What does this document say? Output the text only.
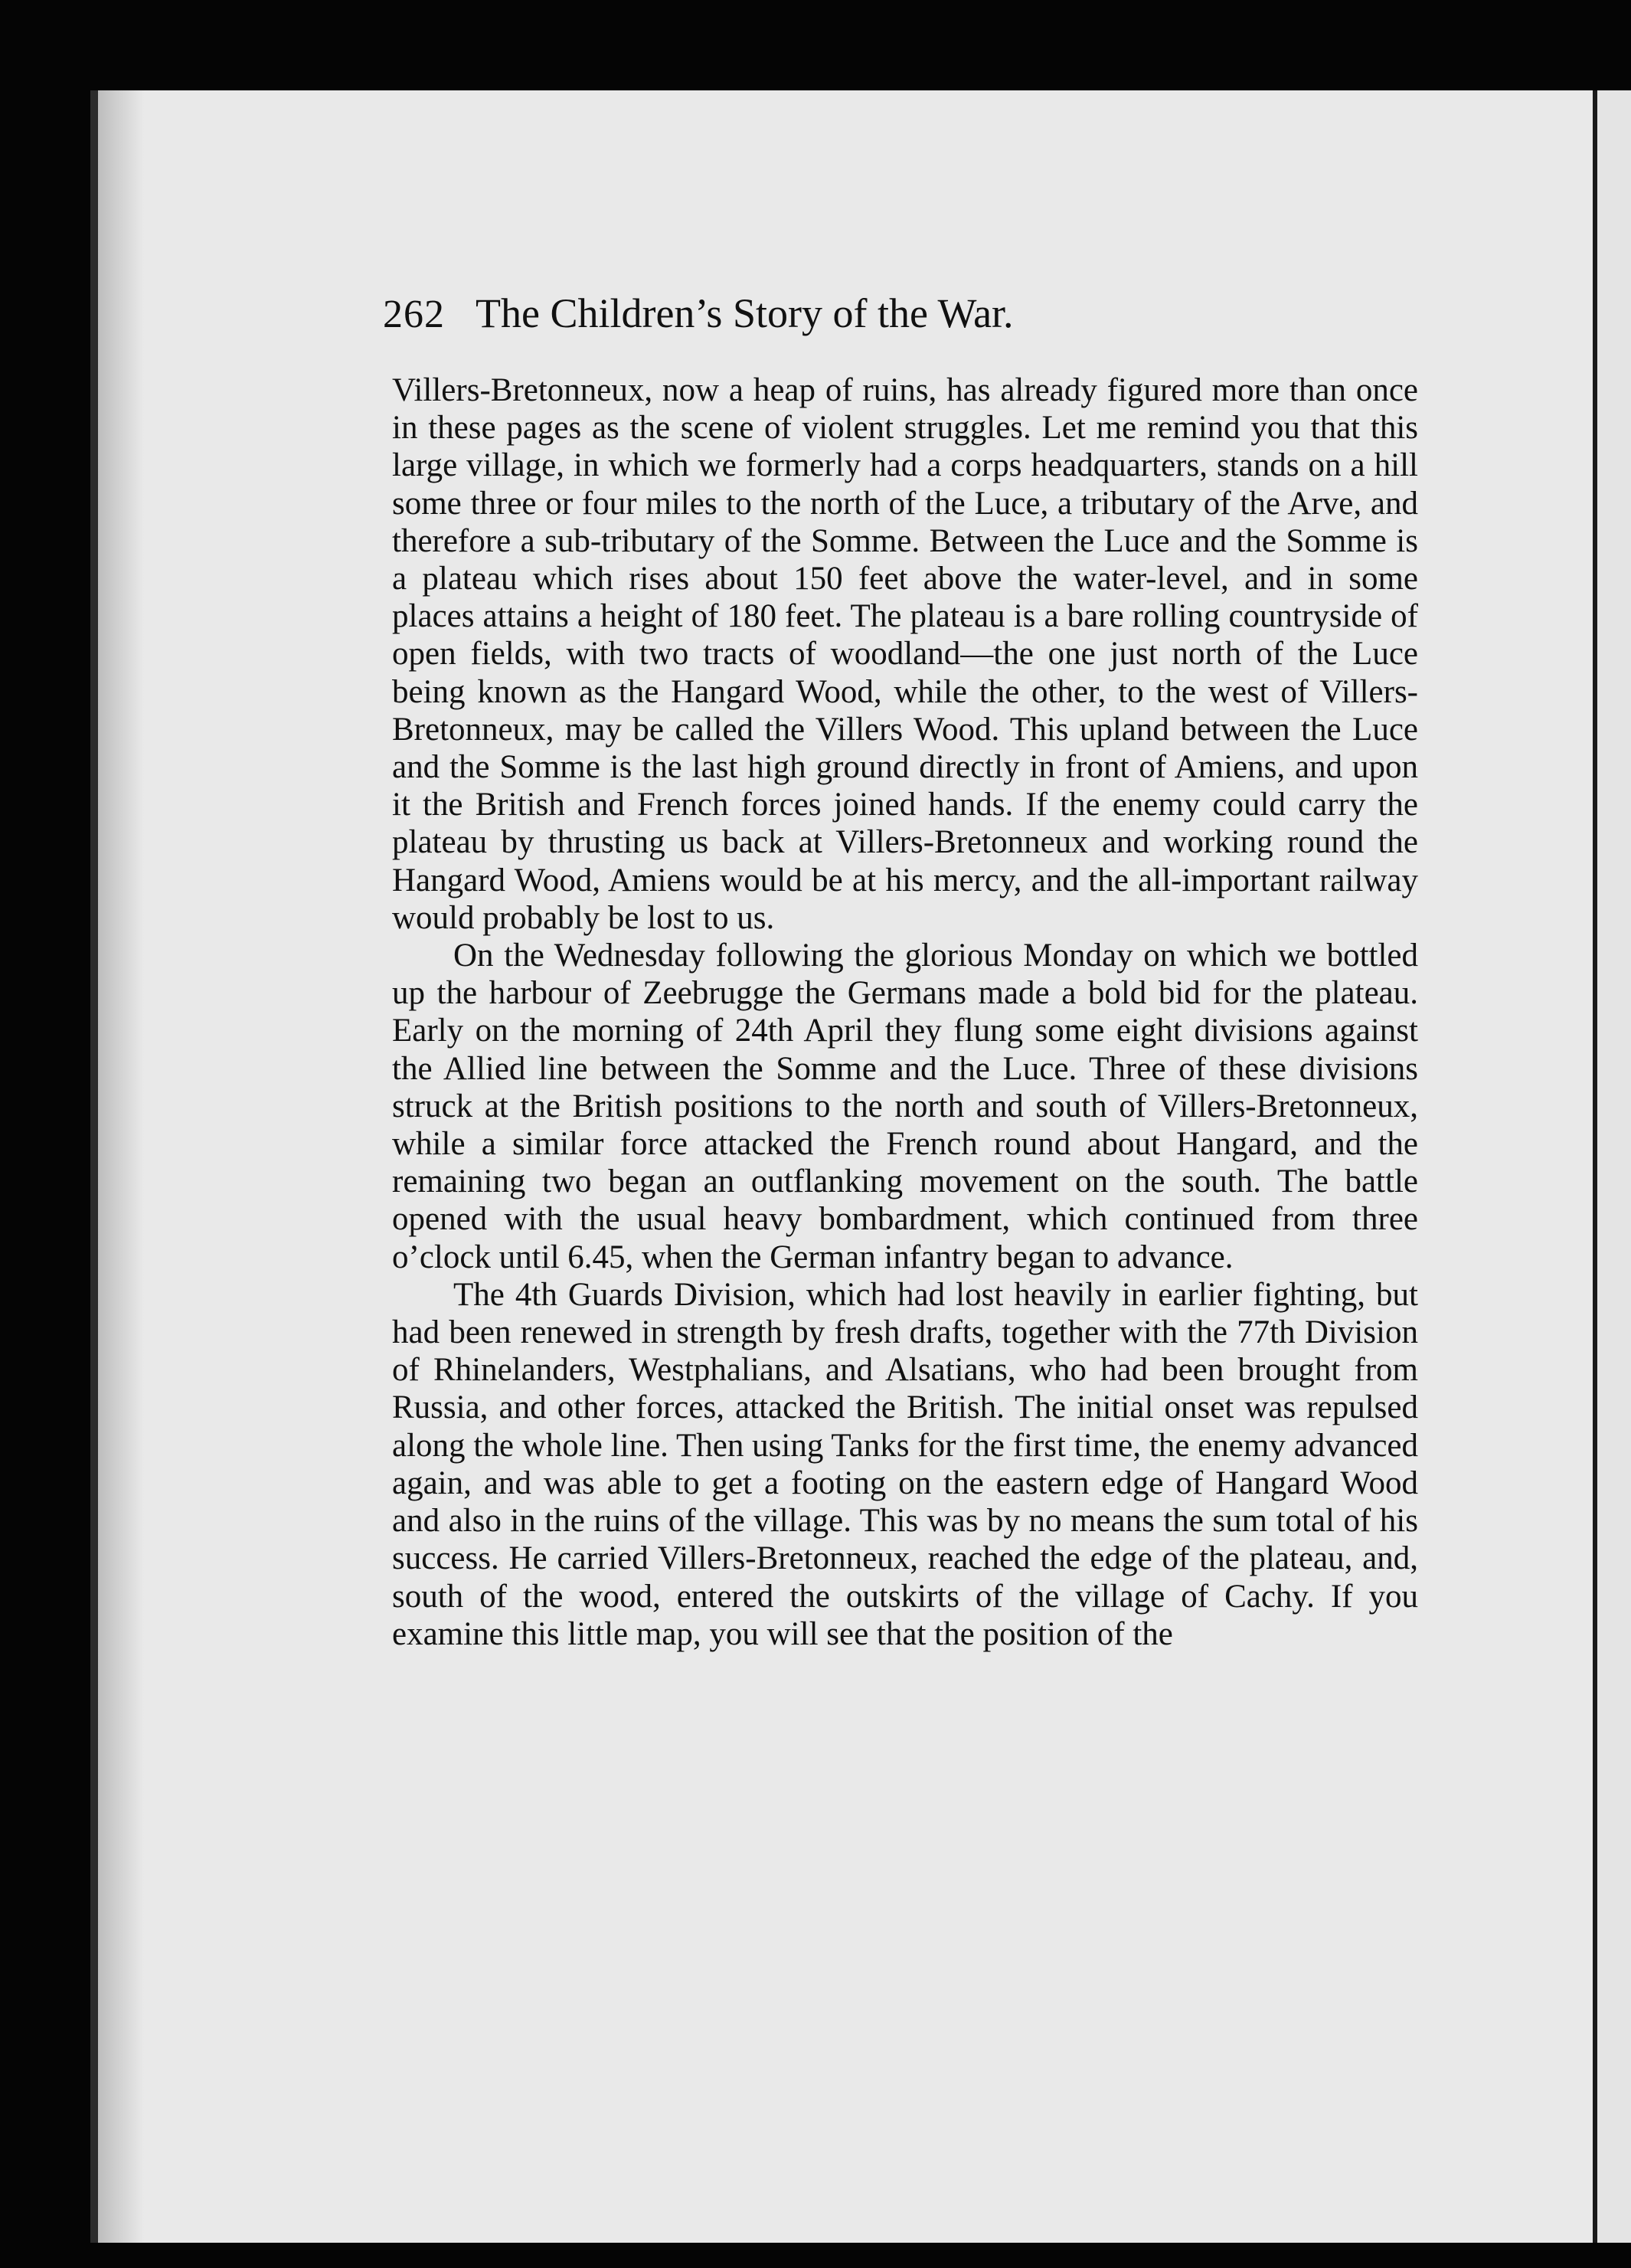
262 The Children’s Story of the War.

Villers-Bretonneux, now a heap of ruins, has already figured more than once in these pages as the scene of violent struggles. Let me remind you that this large village, in which we formerly had a corps headquarters, stands on a hill some three or four miles to the north of the Luce, a tributary of the Arve, and therefore a sub-tributary of the Somme. Between the Luce and the Somme is a plateau which rises about 150 feet above the water-level, and in some places attains a height of 180 feet. The plateau is a bare rolling countryside of open fields, with two tracts of woodland—the one just north of the Luce being known as the Hangard Wood, while the other, to the west of Villers-Bretonneux, may be called the Villers Wood. This upland between the Luce and the Somme is the last high ground directly in front of Amiens, and upon it the British and French forces joined hands. If the enemy could carry the plateau by thrusting us back at Villers-Bretonneux and working round the Hangard Wood, Amiens would be at his mercy, and the all-important railway would probably be lost to us.

On the Wednesday following the glorious Monday on which we bottled up the harbour of Zeebrugge the Germans made a bold bid for the plateau. Early on the morning of 24th April they flung some eight divisions against the Allied line between the Somme and the Luce. Three of these divisions struck at the British positions to the north and south of Villers-Bretonneux, while a similar force attacked the French round about Hangard, and the remaining two began an outflanking movement on the south. The battle opened with the usual heavy bombardment, which continued from three o’clock until 6.45, when the German infantry began to advance.

The 4th Guards Division, which had lost heavily in earlier fighting, but had been renewed in strength by fresh drafts, together with the 77th Division of Rhinelanders, Westphalians, and Alsatians, who had been brought from Russia, and other forces, attacked the British. The initial onset was repulsed along the whole line. Then using Tanks for the first time, the enemy advanced again, and was able to get a footing on the eastern edge of Hangard Wood and also in the ruins of the village. This was by no means the sum total of his success. He carried Villers-Bretonneux, reached the edge of the plateau, and, south of the wood, entered the outskirts of the village of Cachy. If you examine this little map, you will see that the position of the
